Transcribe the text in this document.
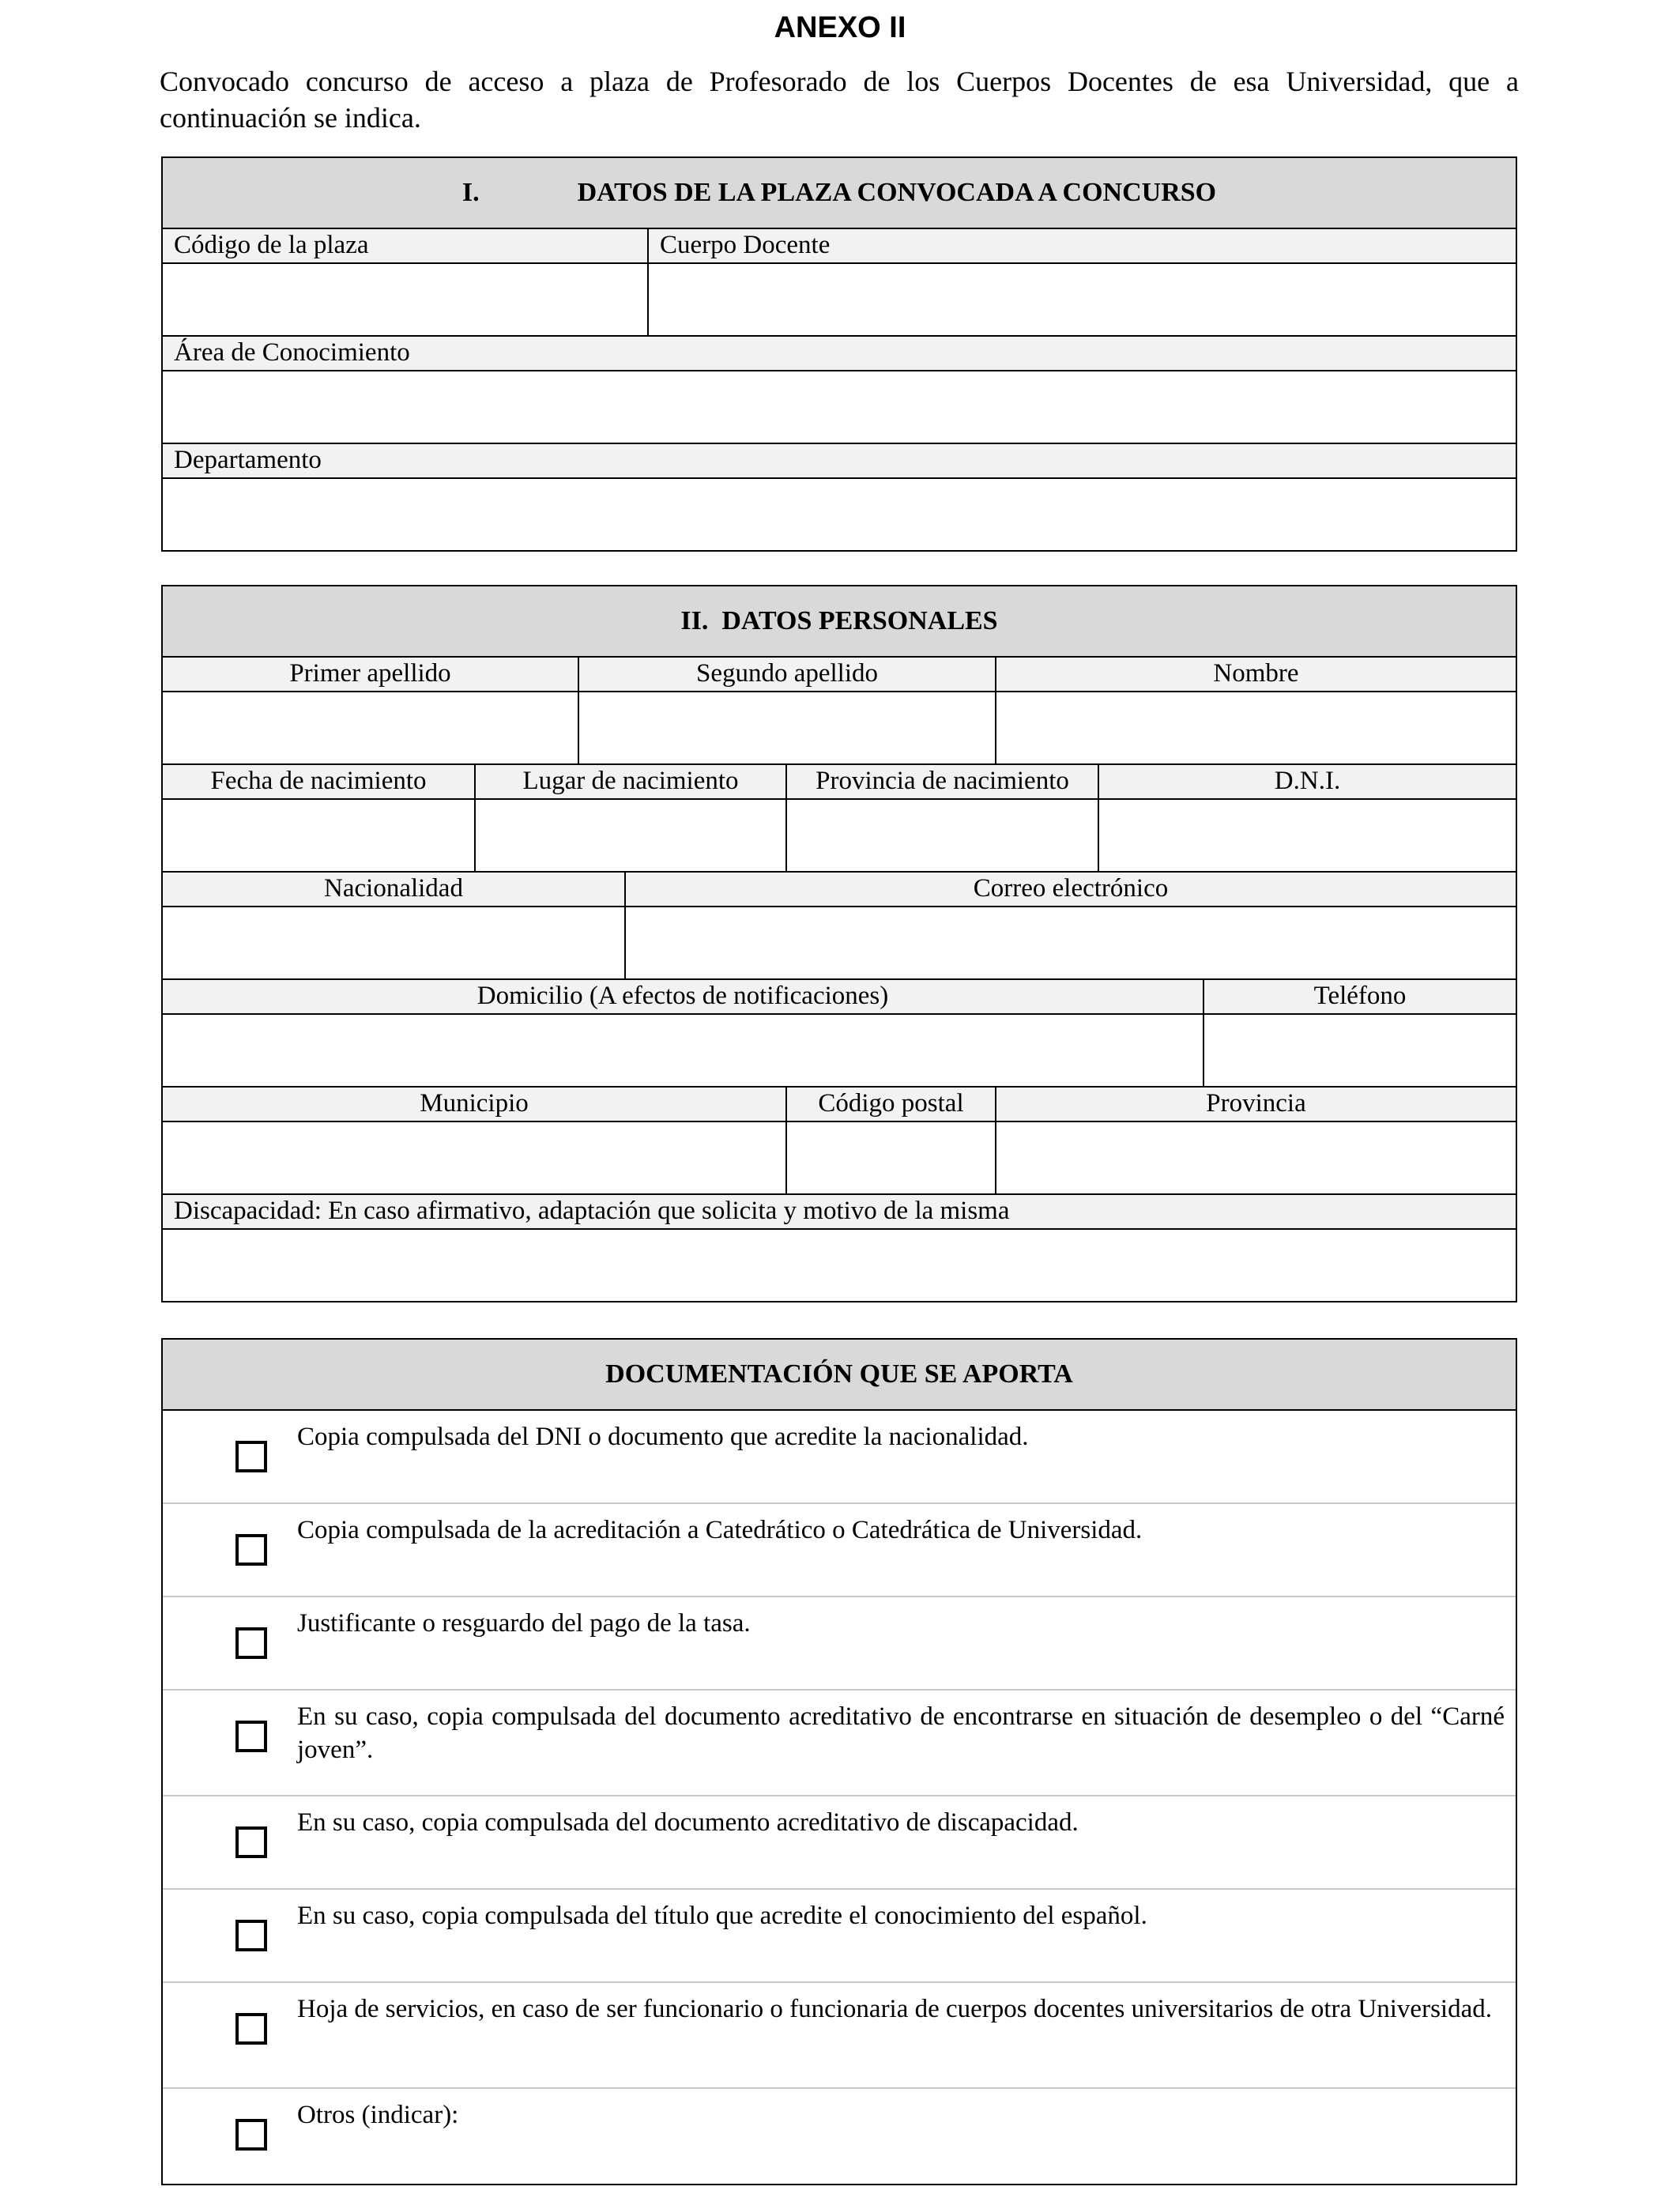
ANEXO II
Convocado concurso de acceso a plaza de Profesorado de los Cuerpos Docentes de esa Universidad, que a continuación se indica.
I.	DATOS DE LA PLAZA CONVOCADA A CONCURSO
Código de la plaza	Cuerpo Docente
Área de Conocimiento
Departamento
II.  DATOS PERSONALES
Primer apellido	Segundo apellido	Nombre
Fecha de nacimiento	Lugar de nacimiento	Provincia de nacimiento	D.N.I.
Nacionalidad	Correo electrónico
Domicilio (A efectos de notificaciones)	Teléfono
Municipio	Código postal	Provincia
Discapacidad: En caso afirmativo, adaptación que solicita y motivo de la misma
DOCUMENTACIÓN QUE SE APORTA
Copia compulsada del DNI o documento que acredite la nacionalidad.
Copia compulsada de la acreditación a Catedrático o Catedrática de Universidad.
Justificante o resguardo del pago de la tasa.
En su caso, copia compulsada del documento acreditativo de encontrarse en situación de desempleo o del “Carné joven”.
En su caso, copia compulsada del documento acreditativo de discapacidad.
En su caso, copia compulsada del título que acredite el conocimiento del español.
Hoja de servicios, en caso de ser funcionario o funcionaria de cuerpos docentes universitarios de otra Universidad.
Otros (indicar):
